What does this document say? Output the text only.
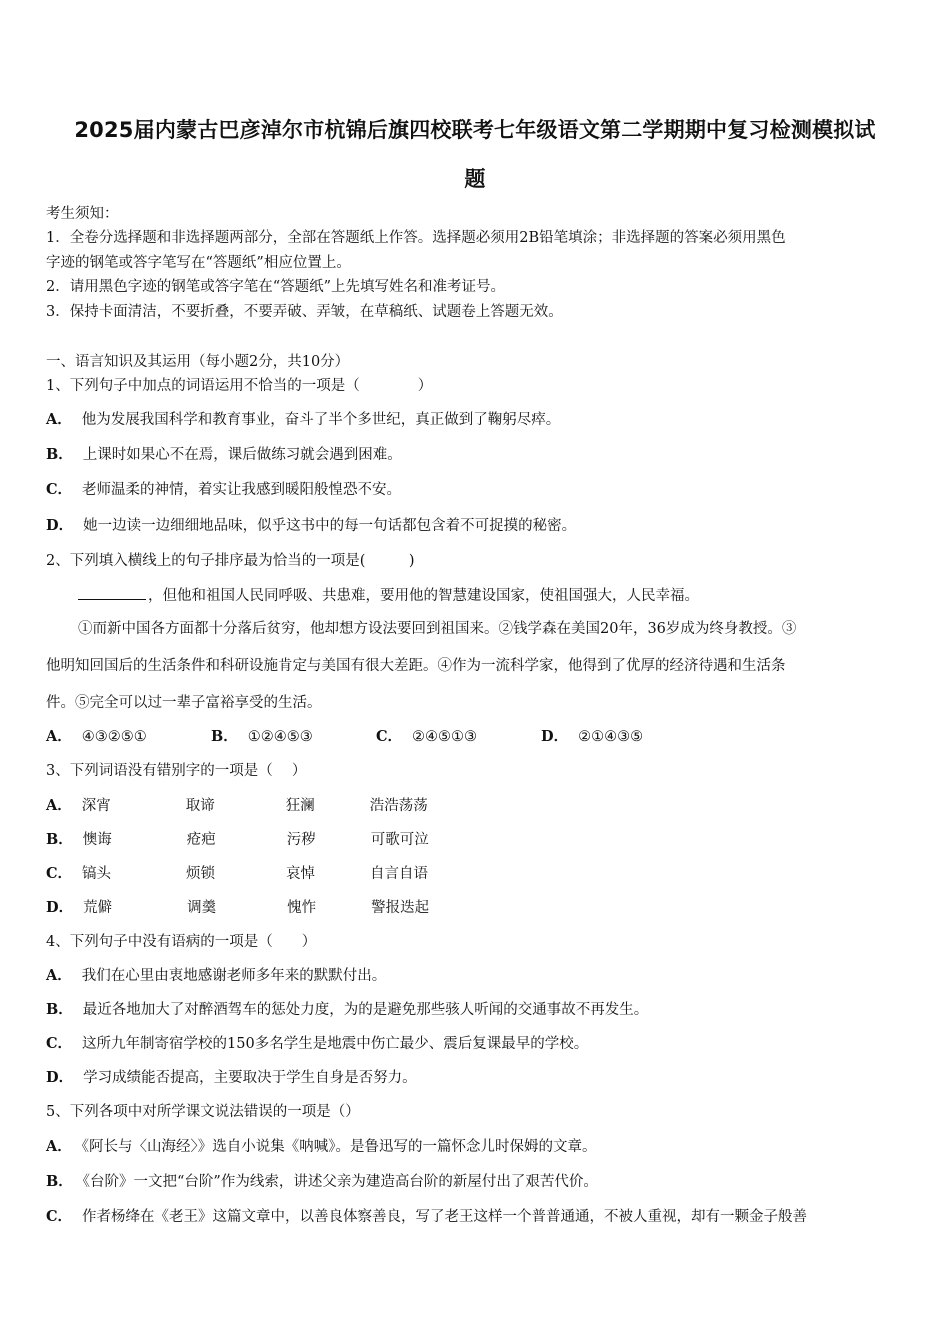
2025届内蒙古巴彦淖尔市杭锦后旗四校联考七年级语文第二学期期中复习检测模拟试
题
考生须知：
1．全卷分选择题和非选择题两部分，全部在答题纸上作答。选择题必须用2B铅笔填涂；非选择题的答案必须用黑色
字迹的钢笔或答字笔写在“答题纸”相应位置上。
2．请用黑色字迹的钢笔或答字笔在“答题纸”上先填写姓名和准考证号。
3．保持卡面清洁，不要折叠，不要弄破、弄皱，在草稿纸、试题卷上答题无效。
一、语言知识及其运用（每小题2分，共10分）
1、下列句子中加点的词语运用不恰当的一项是（　　　　）
A． 他为发展我国科学和教育事业，奋斗了半个多世纪，真正做到了鞠躬尽瘁。
B． 上课时如果心不在焉，课后做练习就会遇到困难。
C． 老师温柔的神情，着实让我感到暖阳般惶恐不安。
D． 她一边读一边细细地品味，似乎这书中的每一句话都包含着不可捉摸的秘密。
2、下列填入横线上的句子排序最为恰当的一项是(　　　)
，但他和祖国人民同呼吸、共患难，要用他的智慧建设国家，使祖国强大，人民幸福。
①而新中国各方面都十分落后贫穷，他却想方设法要回到祖国来。②钱学森在美国20年，36岁成为终身教授。③
他明知回国后的生活条件和科研设施肯定与美国有很大差距。④作为一流科学家，他得到了优厚的经济待遇和生活条
件。⑤完全可以过一辈子富裕享受的生活。
A． ④③②⑤①	B． ①②④⑤③	C． ②④⑤①③	D． ②①④③⑤
3、下列词语没有错别字的一项是（　 ）
A． 深宵	取谛	狂澜	浩浩荡荡
B． 懊诲	疮疤	污秽	可歌可泣
C． 镐头	烦锁	哀悼	自言自语
D． 荒僻	调羹	愧怍	警报迭起
4、下列句子中没有语病的一项是（　　）
A． 我们在心里由衷地感谢老师多年来的默默付出。
B． 最近各地加大了对醉酒驾车的惩处力度，为的是避免那些骇人听闻的交通事故不再发生。
C． 这所九年制寄宿学校的150多名学生是地震中伤亡最少、震后复课最早的学校。
D． 学习成绩能否提高，主要取决于学生自身是否努力。
5、下列各项中对所学课文说法错误的一项是（）
A． 《阿长与〈山海经〉》选自小说集《呐喊》。是鲁迅写的一篇怀念儿时保姆的文章。
B． 《台阶》一文把“台阶”作为线索，讲述父亲为建造高台阶的新屋付出了艰苦代价。
C． 作者杨绛在《老王》这篇文章中，以善良体察善良，写了老王这样一个普普通通，不被人重视，却有一颗金子般善
